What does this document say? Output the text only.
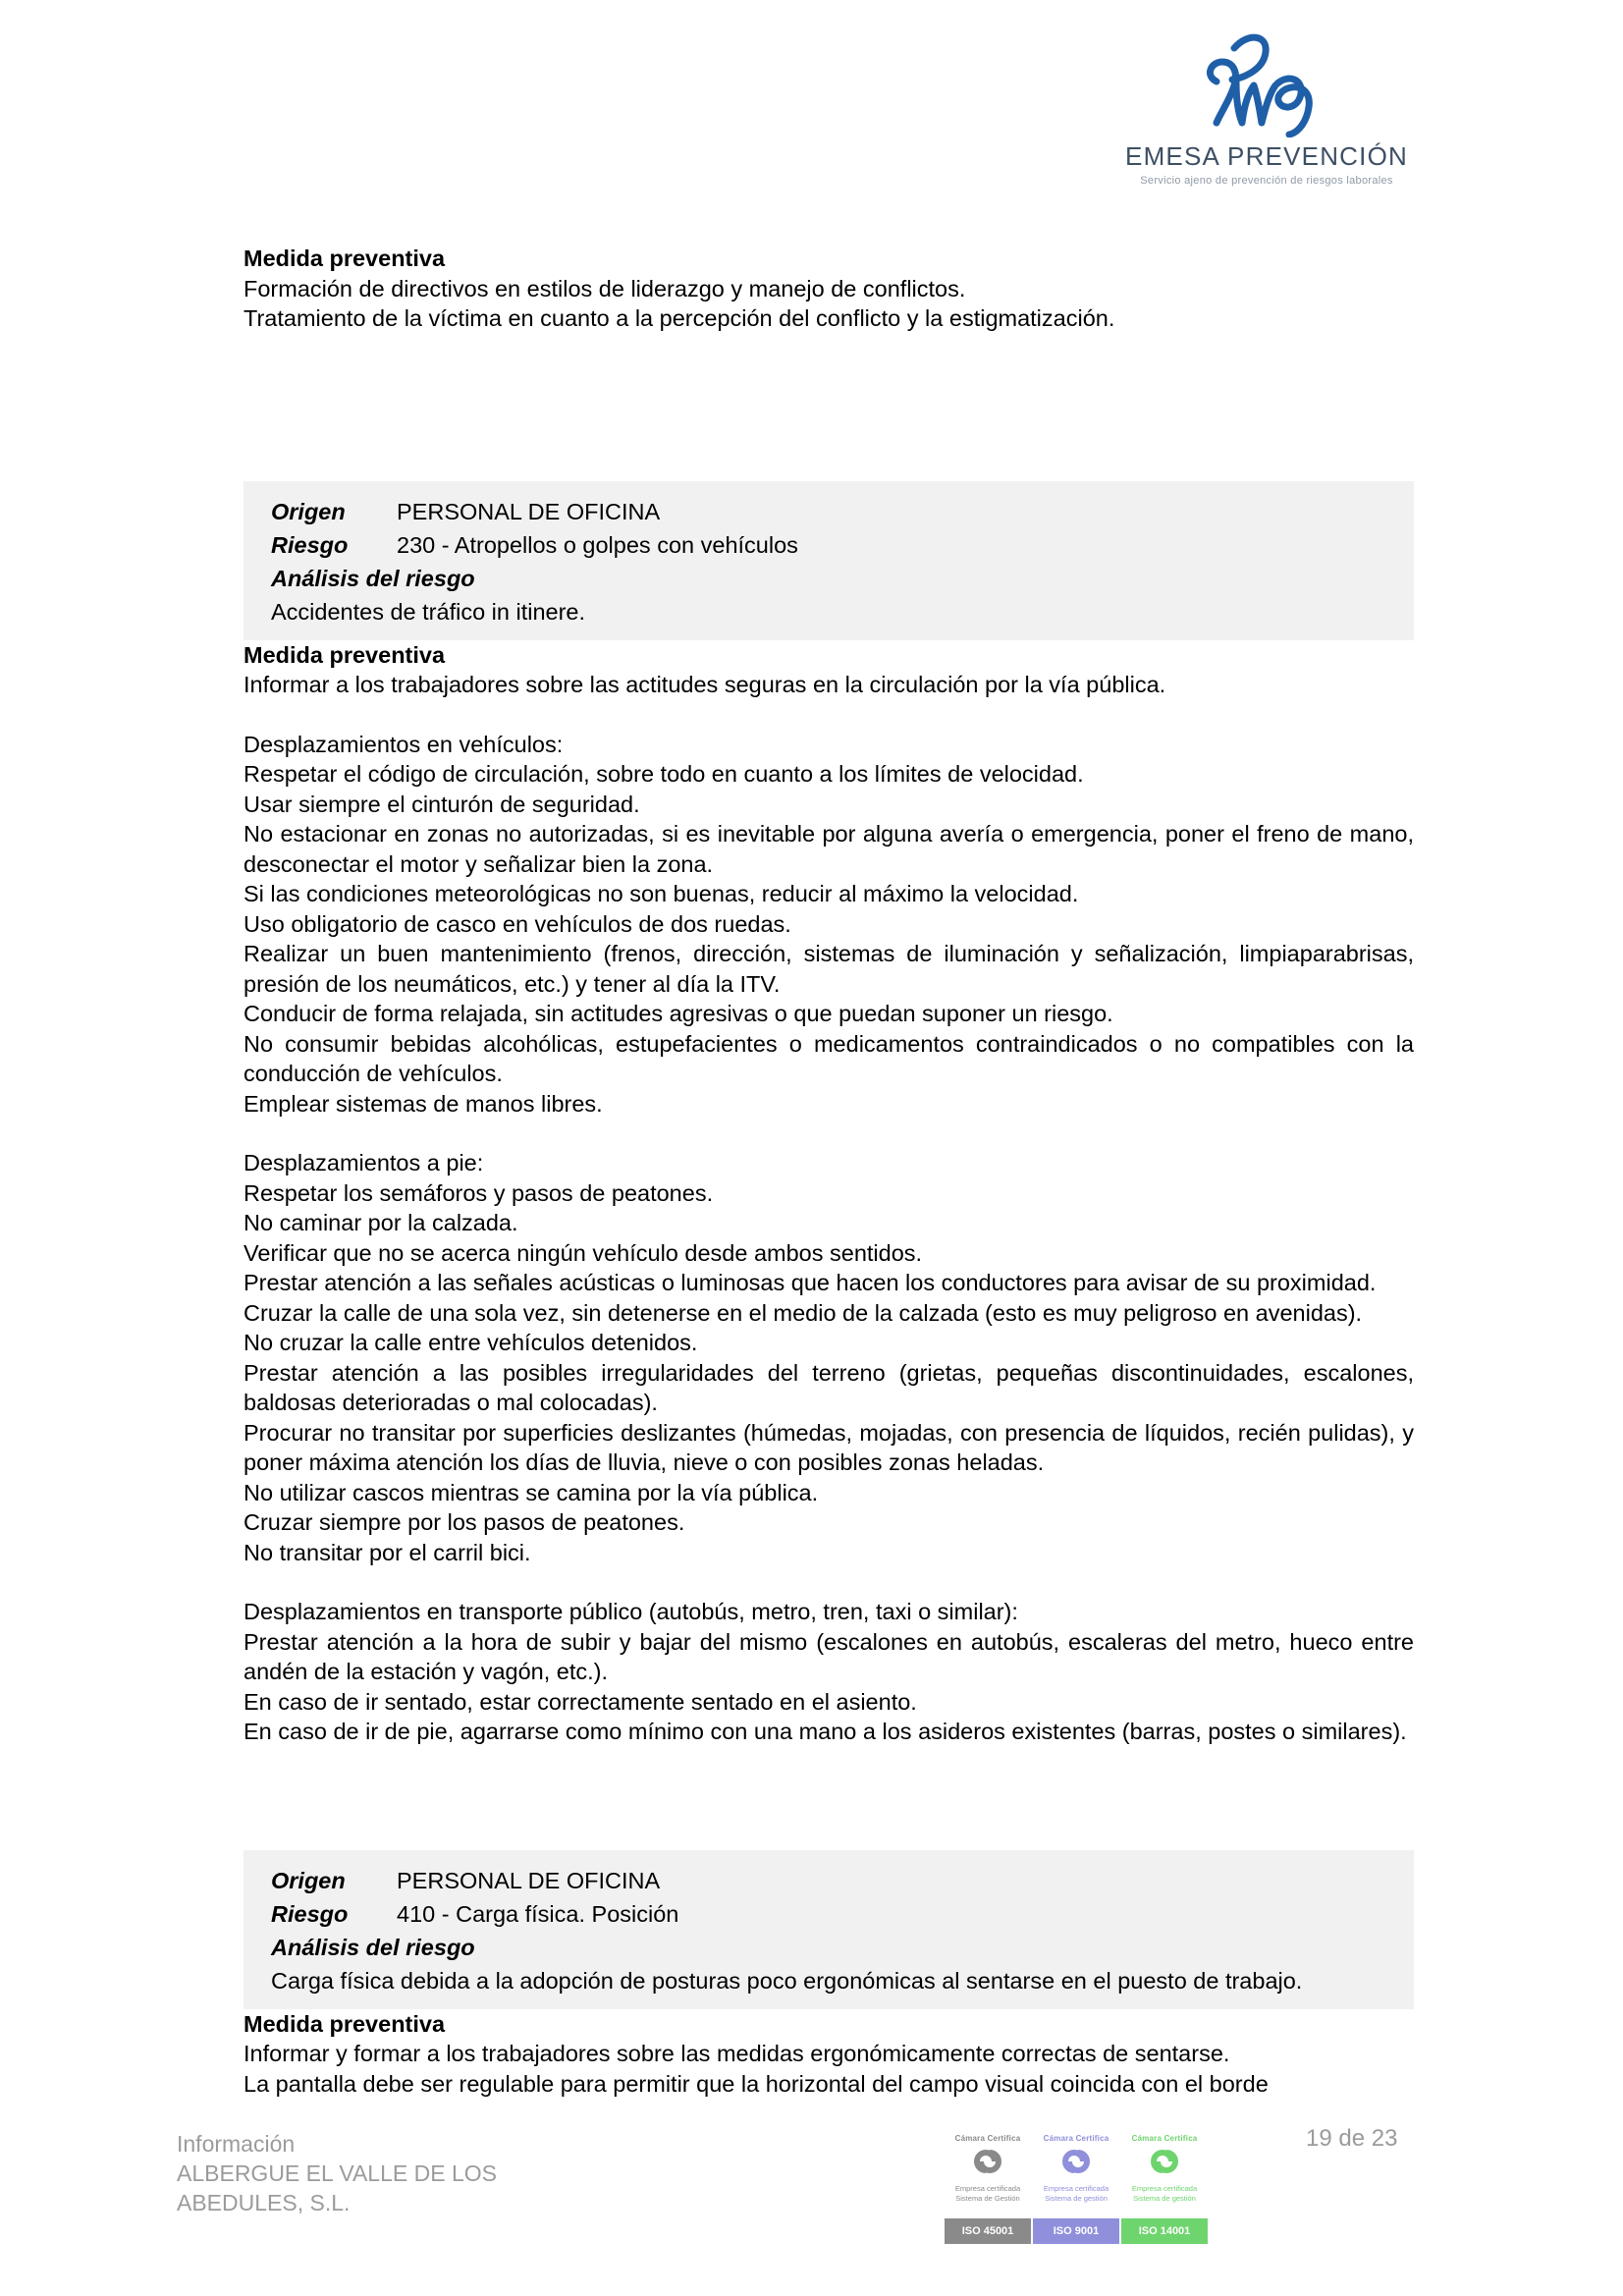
EMESA PREVENCIÓN
Servicio ajeno de prevención de riesgos laborales

Medida preventiva

Formación de directivos en estilos de liderazgo y manejo de conflictos.

Tratamiento de la víctima en cuanto a la percepción del conflicto y la estigmatización.

Origen	PERSONAL DE OFICINA
Riesgo	230 - Atropellos o golpes con vehículos
Análisis del riesgo
Accidentes de tráfico in itinere.

Medida preventiva

Informar a los trabajadores sobre las actitudes seguras en la circulación por la vía pública.

Desplazamientos en vehículos:

Respetar el código de circulación, sobre todo en cuanto a los límites de velocidad.

Usar siempre el cinturón de seguridad.

No estacionar en zonas no autorizadas, si es inevitable por alguna avería o emergencia, poner el freno de mano, desconectar el motor y señalizar bien la zona.

Si las condiciones meteorológicas no son buenas, reducir al máximo la velocidad.

Uso obligatorio de casco en vehículos de dos ruedas.

Realizar un buen mantenimiento (frenos, dirección, sistemas de iluminación y señalización, limpiaparabrisas, presión de los neumáticos, etc.) y tener al día la ITV.

Conducir de forma relajada, sin actitudes agresivas o que puedan suponer un riesgo.

No consumir bebidas alcohólicas, estupefacientes o medicamentos contraindicados o no compatibles con la conducción de vehículos.

Emplear sistemas de manos libres.

Desplazamientos a pie:

Respetar los semáforos y pasos de peatones.

No caminar por la calzada.

Verificar que no se acerca ningún vehículo desde ambos sentidos.

Prestar atención a las señales acústicas o luminosas que hacen los conductores para avisar de su proximidad.

Cruzar la calle de una sola vez, sin detenerse en el medio de la calzada (esto es muy peligroso en avenidas).

No cruzar la calle entre vehículos detenidos.

Prestar atención a las posibles irregularidades del terreno (grietas, pequeñas discontinuidades, escalones, baldosas deterioradas o mal colocadas).

Procurar no transitar por superficies deslizantes (húmedas, mojadas, con presencia de líquidos, recién pulidas), y poner máxima atención los días de lluvia, nieve o con posibles zonas heladas.

No utilizar cascos mientras se camina por la vía pública.

Cruzar siempre por los pasos de peatones.

No transitar por el carril bici.

Desplazamientos en transporte público (autobús, metro, tren, taxi o similar):

Prestar atención a la hora de subir y bajar del mismo (escalones en autobús, escaleras del metro, hueco entre andén de la estación y vagón, etc.).

En caso de ir sentado, estar correctamente sentado en el asiento.

En caso de ir de pie, agarrarse como mínimo con una mano a los asideros existentes (barras, postes o similares).

Origen	PERSONAL DE OFICINA
Riesgo	410 - Carga física. Posición
Análisis del riesgo
Carga física debida a la adopción de posturas poco ergonómicas al sentarse en el puesto de trabajo.

Medida preventiva

Informar y formar a los trabajadores sobre las medidas ergonómicamente correctas de sentarse.

La pantalla debe ser regulable para permitir que la horizontal del campo visual coincida con el borde

Información
ALBERGUE EL VALLE DE LOS
ABEDULES, S.L.
Cámara Certifica
Empresa certificada
Sistema de Gestión
ISO 45001
Cámara Certifica
Empresa certificada
Sistema de gestión
ISO 9001
Cámara Certifica
Empresa certificada
Sistema de gestión
ISO 14001
19 de 23
